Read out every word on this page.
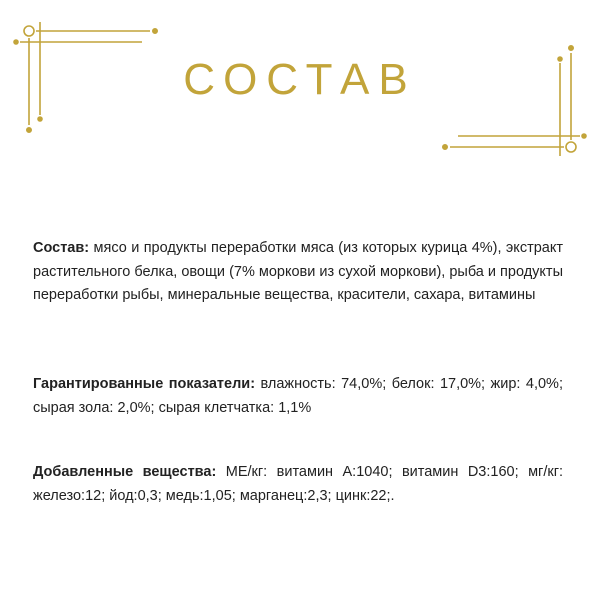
СОСТАВ
Состав: мясо и продукты переработки мяса (из которых курица 4%), экстракт растительного белка, овощи (7% моркови из сухой моркови), рыба и продукты переработки рыбы, минеральные вещества, красители, сахара, витамины
Гарантированные показатели: влажность: 74,0%; белок: 17,0%; жир: 4,0%; сырая зола: 2,0%; сырая клетчатка: 1,1%
Добавленные вещества: МЕ/кг: витамин А:1040; витамин D3:160; мг/кг: железо:12; йод:0,3; медь:1,05; марганец:2,3; цинк:22;.
